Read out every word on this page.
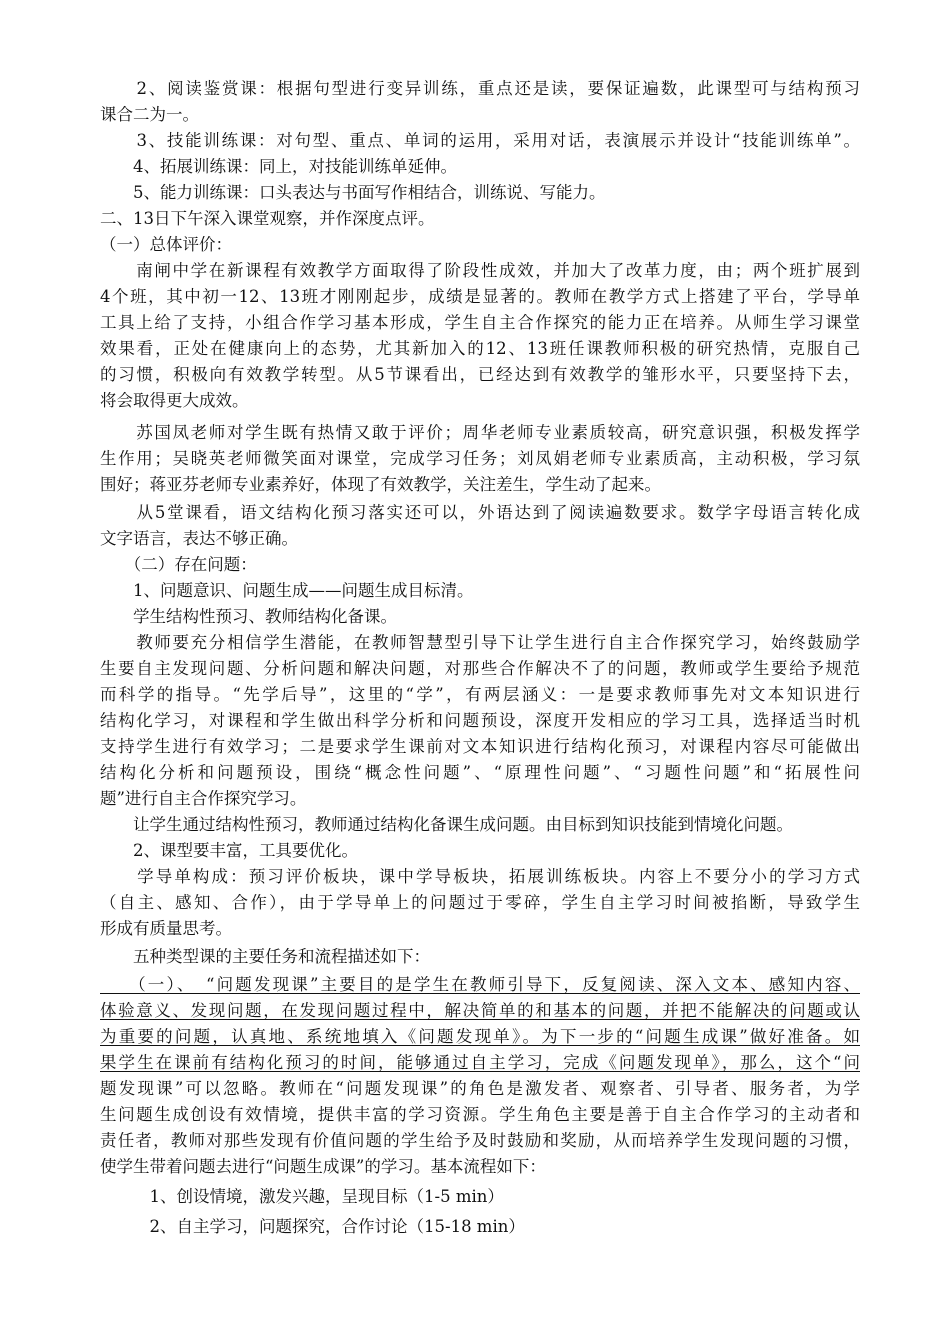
　　2、阅读鉴赏课：根据句型进行变异训练，重点还是读，要保证遍数，此课型可与结构预习
课合二为一。
　　3、技能训练课：对句型、重点、单词的运用，采用对话，表演展示并设计“技能训练单”。
　　4、拓展训练课：同上，对技能训练单延伸。
　　5、能力训练课：口头表达与书面写作相结合，训练说、写能力。
二、13日下午深入课堂观察，并作深度点评。
（一）总体评价：
　　南闸中学在新课程有效教学方面取得了阶段性成效，并加大了改革力度，由；两个班扩展到
4个班，其中初一12、13班才刚刚起步，成绩是显著的。教师在教学方式上搭建了平台，学导单
工具上给了支持，小组合作学习基本形成，学生自主合作探究的能力正在培养。从师生学习课堂
效果看，正处在健康向上的态势，尤其新加入的12、13班任课教师积极的研究热情，克服自己
的习惯，积极向有效教学转型。从5节课看出，已经达到有效教学的雏形水平，只要坚持下去，
将会取得更大成效。
　　苏国凤老师对学生既有热情又敢于评价；周华老师专业素质较高，研究意识强，积极发挥学
生作用；吴晓英老师微笑面对课堂，完成学习任务；刘凤娟老师专业素质高，主动积极，学习氛
围好；蒋亚芬老师专业素养好，体现了有效教学，关注差生，学生动了起来。
　　从5堂课看，语文结构化预习落实还可以，外语达到了阅读遍数要求。数学字母语言转化成
文字语言，表达不够正确。
　　（二）存在问题：
　　1、问题意识、问题生成——问题生成目标清。
　　学生结构性预习、教师结构化备课。
　　教师要充分相信学生潜能，在教师智慧型引导下让学生进行自主合作探究学习，始终鼓励学
生要自主发现问题、分析问题和解决问题，对那些合作解决不了的问题，教师或学生要给予规范
而科学的指导。“先学后导”，这里的“学”，有两层涵义：一是要求教师事先对文本知识进行
结构化学习，对课程和学生做出科学分析和问题预设，深度开发相应的学习工具，选择适当时机
支持学生进行有效学习；二是要求学生课前对文本知识进行结构化预习，对课程内容尽可能做出
结构化分析和问题预设，围绕“概念性问题”、“原理性问题”、“习题性问题”和“拓展性问
题”进行自主合作探究学习。
　　让学生通过结构性预习，教师通过结构化备课生成问题。由目标到知识技能到情境化问题。
　　2、课型要丰富，工具要优化。
　　学导单构成：预习评价板块，课中学导板块，拓展训练板块。内容上不要分小的学习方式
（自主、感知、合作），由于学导单上的问题过于零碎，学生自主学习时间被掐断，导致学生
形成有质量思考。
　　五种类型课的主要任务和流程描述如下：
　　（一）、　“问题发现课”主要目的是学生在教师引导下，反复阅读、深入文本、感知内容、
体验意义、发现问题，在发现问题过程中，解决简单的和基本的问题，并把不能解决的问题或认
为重要的问题，认真地、系统地填入《问题发现单》。为下一步的“问题生成课”做好准备。如
果学生在课前有结构化预习的时间，能够通过自主学习，完成《问题发现单》，那么，这个“问
题发现课”可以忽略。教师在“问题发现课”的角色是激发者、观察者、引导者、服务者，为学
生问题生成创设有效情境，提供丰富的学习资源。学生角色主要是善于自主合作学习的主动者和
责任者，教师对那些发现有价值问题的学生给予及时鼓励和奖励，从而培养学生发现问题的习惯，
使学生带着问题去进行“问题生成课”的学习。基本流程如下：
　　　1、创设情境，激发兴趣，呈现目标（1-5 min）
　　　2、自主学习，问题探究，合作讨论（15-18 min）
